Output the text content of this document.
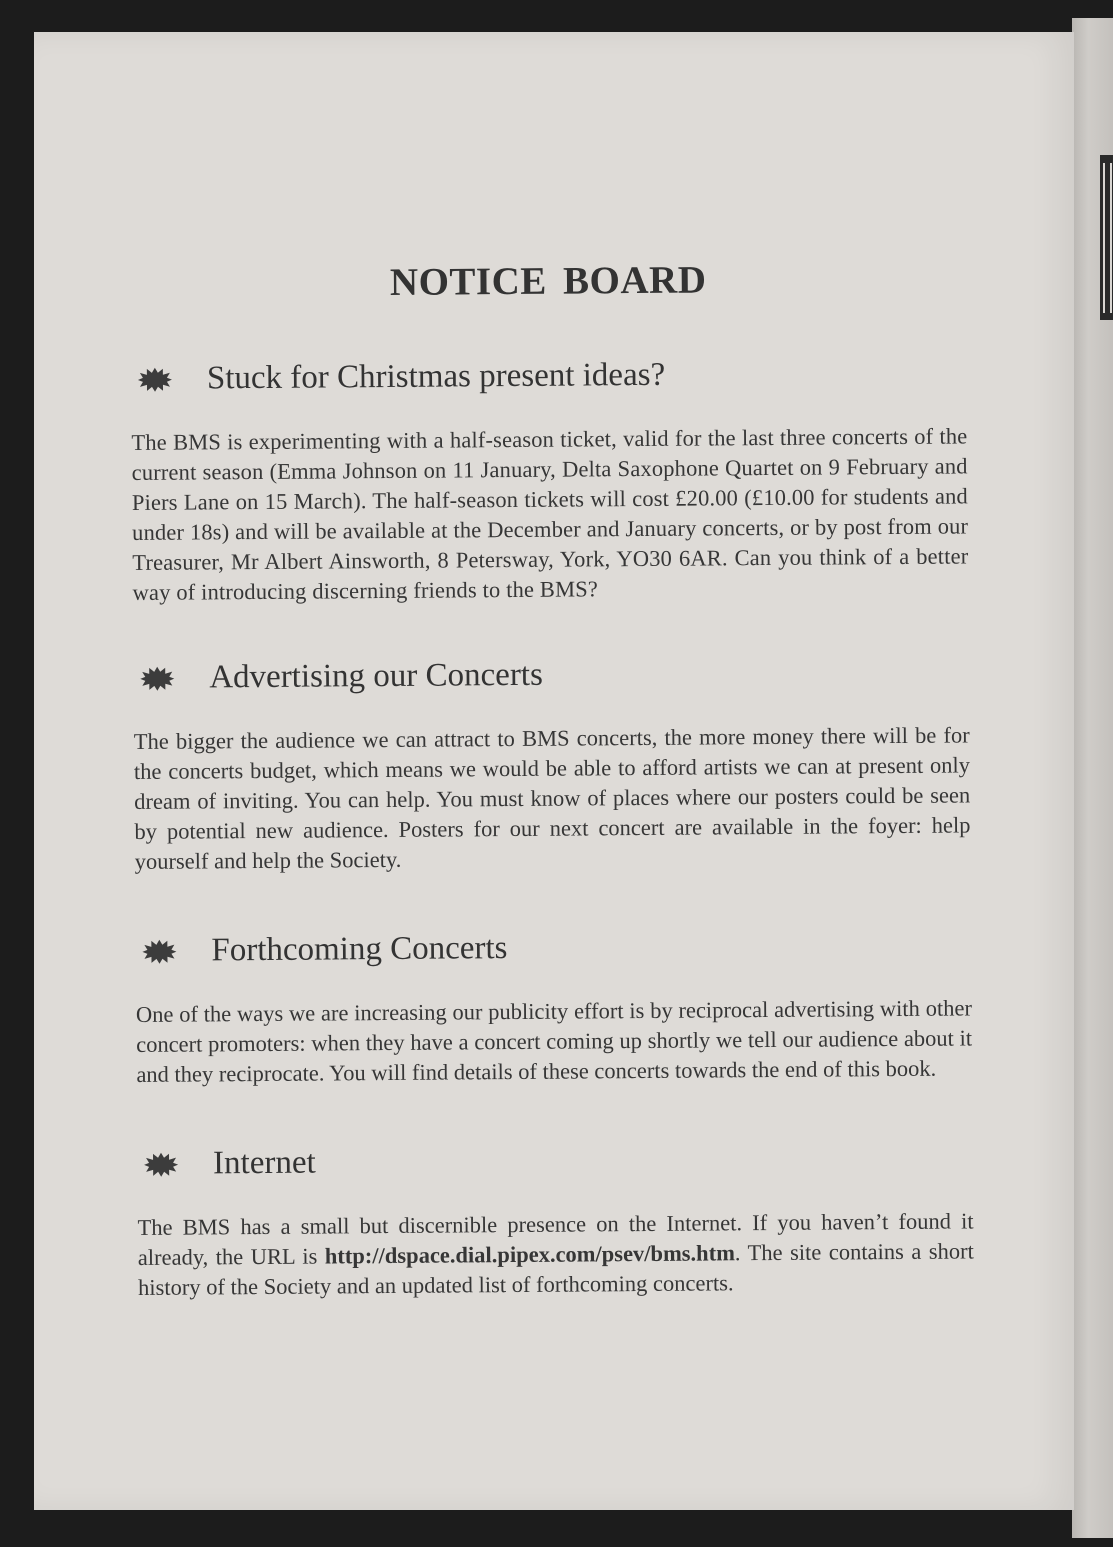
NOTICE BOARD
Stuck for Christmas present ideas?

The BMS is experimenting with a half-season ticket, valid for the last three concerts of the current season (Emma Johnson on 11 January, Delta Saxophone Quartet on 9 February and Piers Lane on 15 March). The half-season tickets will cost £20.00 (£10.00 for students and under 18s) and will be available at the December and January concerts, or by post from our Treasurer, Mr Albert Ainsworth, 8 Petersway, York, YO30 6AR. Can you think of a better way of introducing discerning friends to the BMS?

Advertising our Concerts

The bigger the audience we can attract to BMS concerts, the more money there will be for the concerts budget, which means we would be able to afford artists we can at present only dream of inviting. You can help. You must know of places where our posters could be seen by potential new audience. Posters for our next concert are available in the foyer: help yourself and help the Society.

Forthcoming Concerts

One of the ways we are increasing our publicity effort is by reciprocal advertising with other concert promoters: when they have a concert coming up shortly we tell our audience about it and they reciprocate. You will find details of these concerts towards the end of this book.

Internet

The BMS has a small but discernible presence on the Internet. If you haven’t found it already, the URL is http://dspace.dial.pipex.com/psev/bms.htm. The site contains a short history of the Society and an updated list of forthcoming concerts.
